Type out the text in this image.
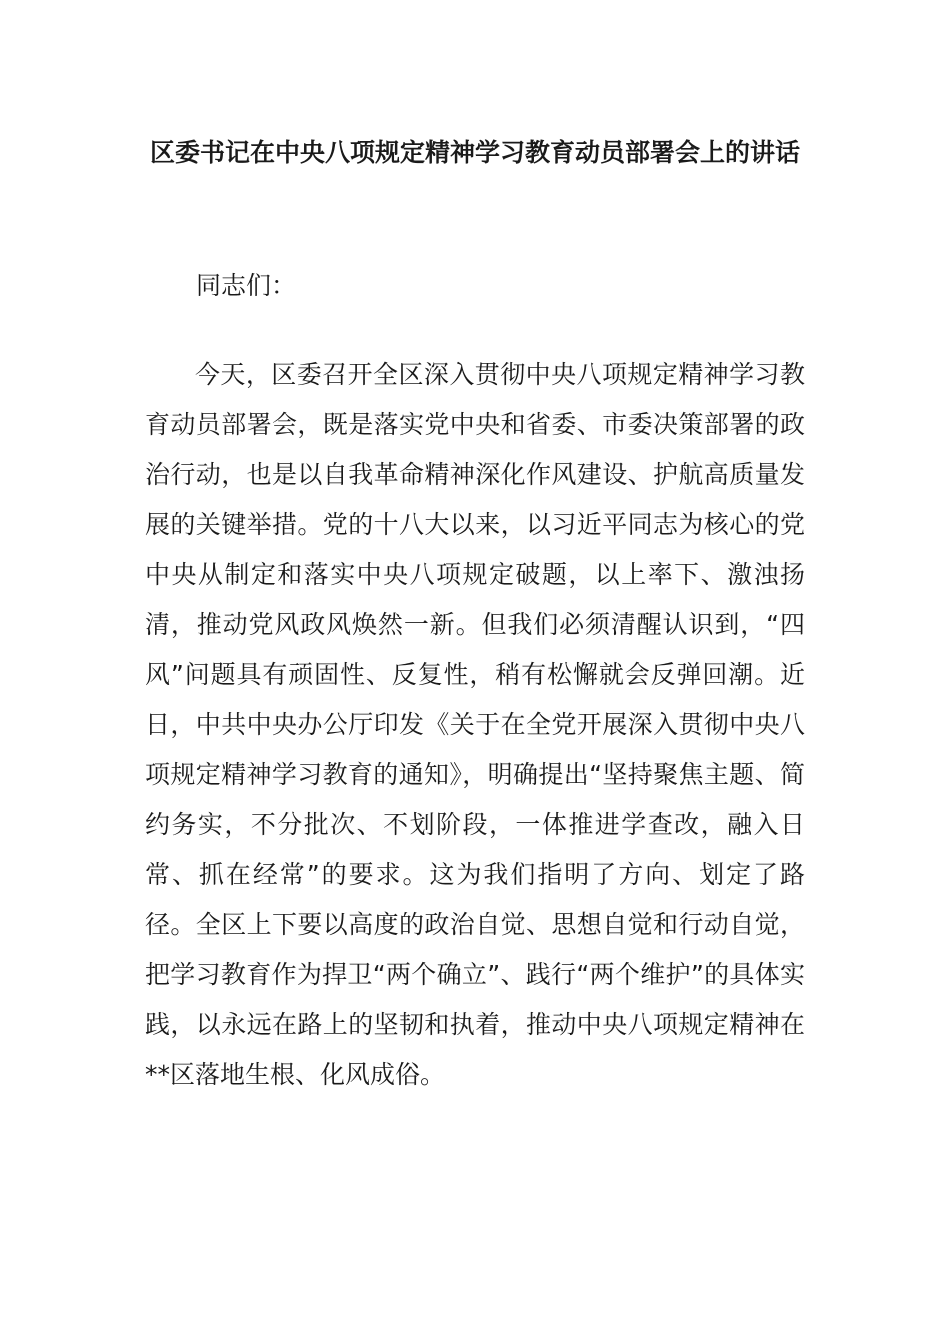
区委书记在中央八项规定精神学习教育动员部署会上的讲话

同志们：

今天，区委召开全区深入贯彻中央八项规定精神学习教育动员部署会，既是落实党中央和省委、市委决策部署的政治行动，也是以自我革命精神深化作风建设、护航高质量发展的关键举措。党的十八大以来，以习近平同志为核心的党中央从制定和落实中央八项规定破题，以上率下、激浊扬清，推动党风政风焕然一新。但我们必须清醒认识到，“四风”问题具有顽固性、反复性，稍有松懈就会反弹回潮。近日，中共中央办公厅印发《关于在全党开展深入贯彻中央八项规定精神学习教育的通知》，明确提出“坚持聚焦主题、简约务实，不分批次、不划阶段，一体推进学查改，融入日常、抓在经常”的要求。这为我们指明了方向、划定了路径。全区上下要以高度的政治自觉、思想自觉和行动自觉，把学习教育作为捍卫“两个确立”、践行“两个维护”的具体实践，以永远在路上的坚韧和执着，推动中央八项规定精神在**区落地生根、化风成俗。
